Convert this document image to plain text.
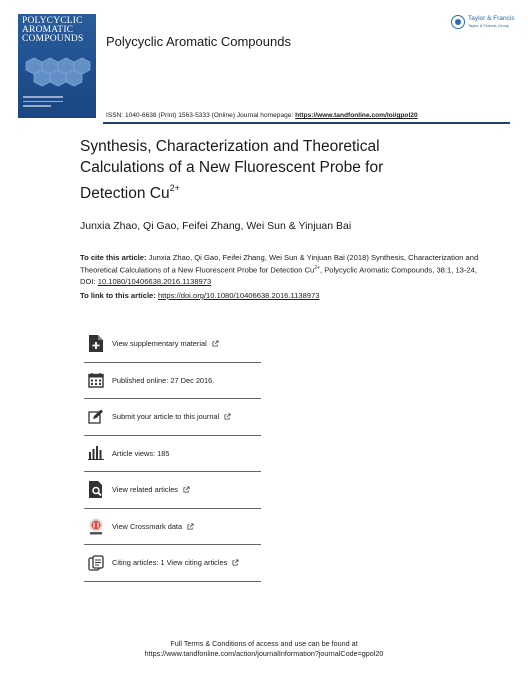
POLYCYCLIC
AROMATIC
COMPOUNDS	Polycyclic Aromatic Compounds
Taylor & Francis
Taylor & Francis Group
ISSN: 1040-6638 (Print) 1563-5333 (Online) Journal homepage: https://www.tandfonline.com/loi/gpol20
Synthesis, Characterization and Theoretical Calculations of a New Fluorescent Probe for Detection $Cu^{2+}$
Junxia Zhao, Qi Gao, Feifei Zhang, Wei Sun & Yinjuan Bai
To cite this article: Junxia Zhao, Qi Gao, Feifei Zhang, Wei Sun & Yinjuan Bai (2018) Synthesis, Characterization and Theoretical Calculations of a New Fluorescent Probe for Detection $Cu^{2+}$, Polycyclic Aromatic Compounds, 38:1, 13-24, DOI: 10.1080/10406638.2016.1138973
To link to this article: https://doi.org/10.1080/10406638.2016.1138973
View supplementary material
Published online: 27 Dec 2016.
Submit your article to this journal
Article views: 185
View related articles
View Crossmark data
Citing articles: 1 View citing articles
Full Terms & Conditions of access and use can be found at
https://www.tandfonline.com/action/journalInformation?journalCode=gpol20
